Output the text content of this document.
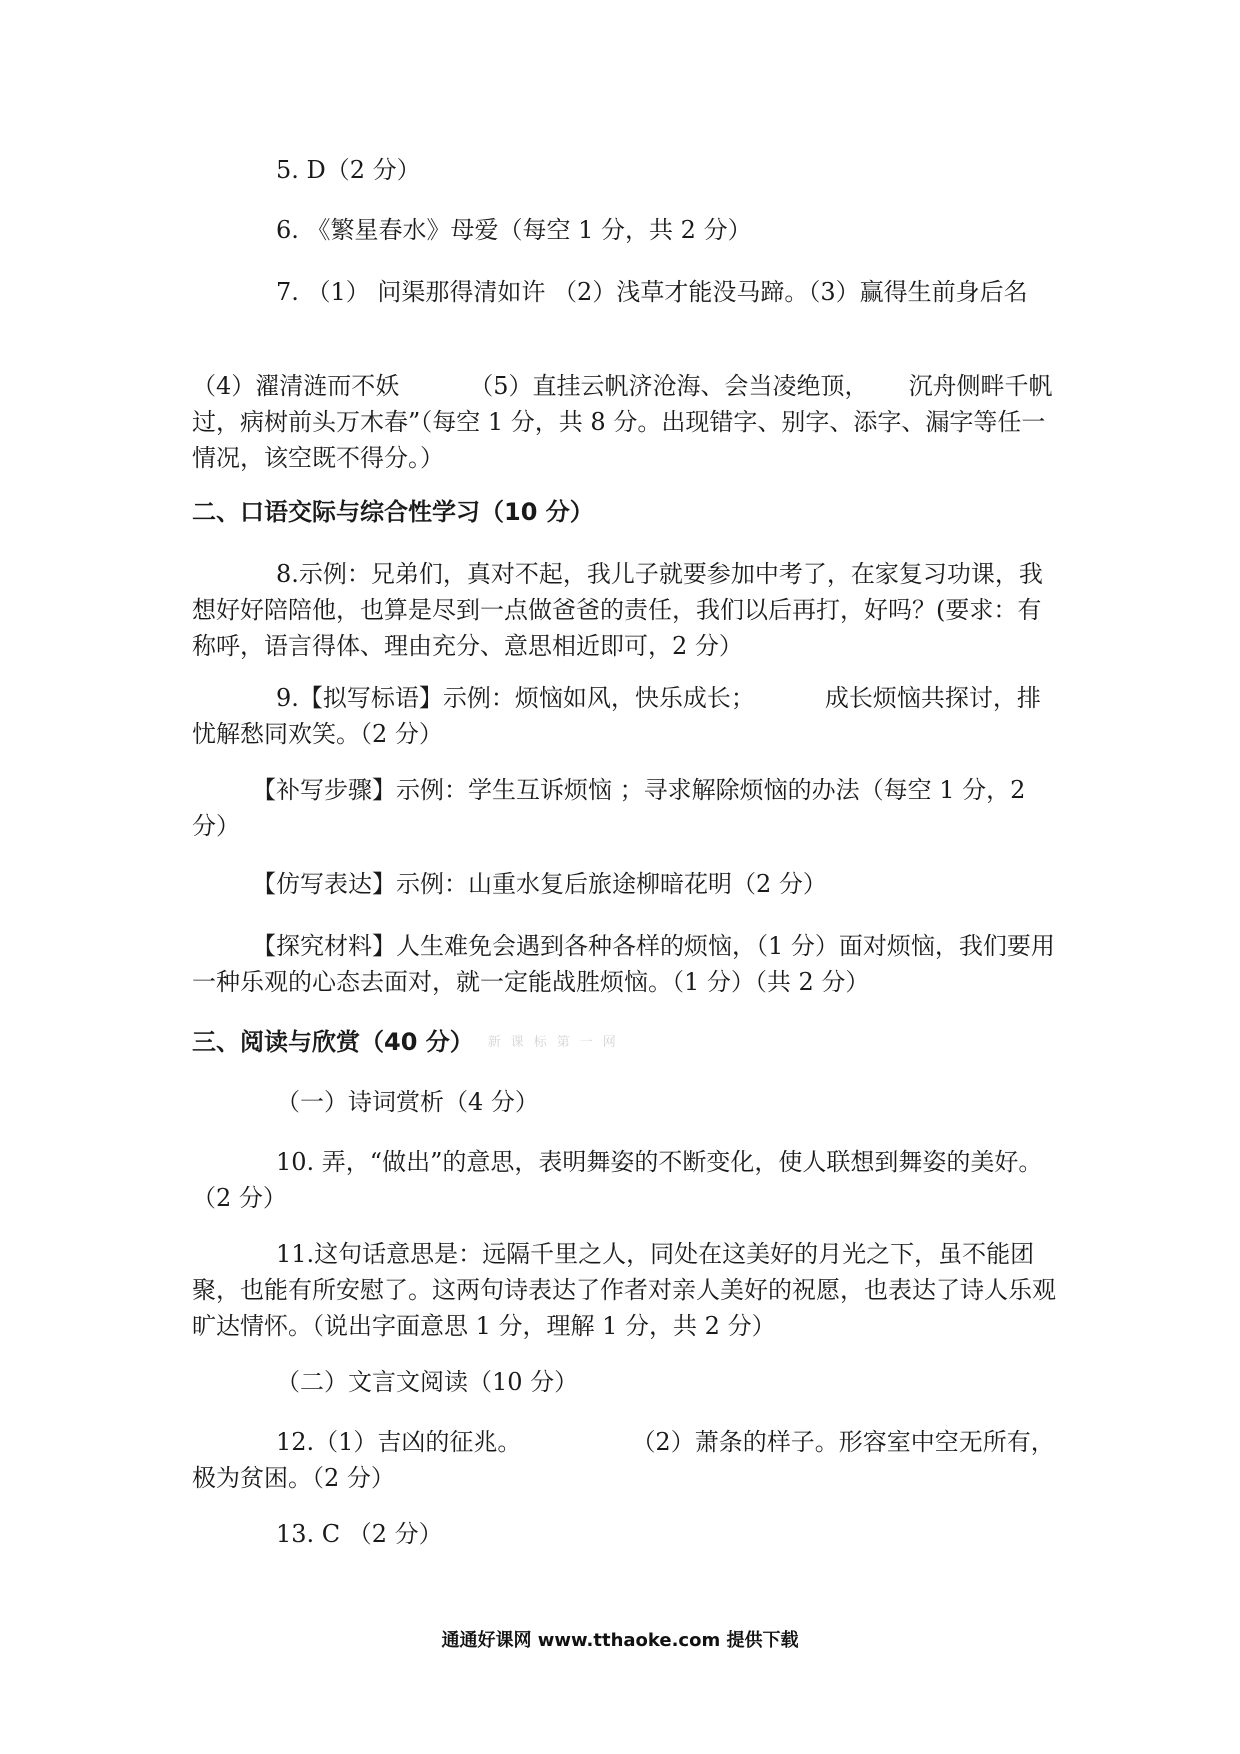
5. D（2 分）
6. 《繁星春水》母爱（每空 1 分，共 2 分）
7. （1） 问渠那得清如许 （2）浅草才能没马蹄。（3）赢得生前身后名
（4）濯清涟而不妖	（5）直挂云帆济沧海、会当凌绝顶， 沉舟侧畔千帆过，病树前头万木春”（每空 1 分，共 8 分。出现错字、别字、添字、漏字等任一情况，该空既不得分。）
二、口语交际与综合性学习（10 分）
8.示例：兄弟们，真对不起，我儿子就要参加中考了，在家复习功课，我想好好陪陪他，也算是尽到一点做爸爸的责任，我们以后再打，好吗？(要求：有称呼，语言得体、理由充分、意思相近即可，2 分）
9.【拟写标语】示例：烦恼如风，快乐成长；	成长烦恼共探讨，排忧解愁同欢笑。（2 分）
【补写步骤】示例：学生互诉烦恼 ；寻求解除烦恼的办法（每空 1 分，2 分）
【仿写表达】示例：山重水复后旅途柳暗花明（2 分）
【探究材料】人生难免会遇到各种各样的烦恼，（1 分）面对烦恼，我们要用一种乐观的心态去面对，就一定能战胜烦恼。（1 分）（共 2 分）
三、阅读与欣赏（40 分） 新课标第一网
（一）诗词赏析（4 分）
10. 弄，“做出”的意思，表明舞姿的不断变化，使人联想到舞姿的美好。（2 分）
11.这句话意思是：远隔千里之人，同处在这美好的月光之下，虽不能团聚，也能有所安慰了。这两句诗表达了作者对亲人美好的祝愿，也表达了诗人乐观旷达情怀。（说出字面意思 1 分，理解 1 分，共 2 分）
（二）文言文阅读（10 分）
12.（1）吉凶的征兆。	（2）萧条的样子。形容室中空无所有，极为贫困。（2 分）
13. C （2 分）
通通好课网 www.tthaoke.com 提供下载
